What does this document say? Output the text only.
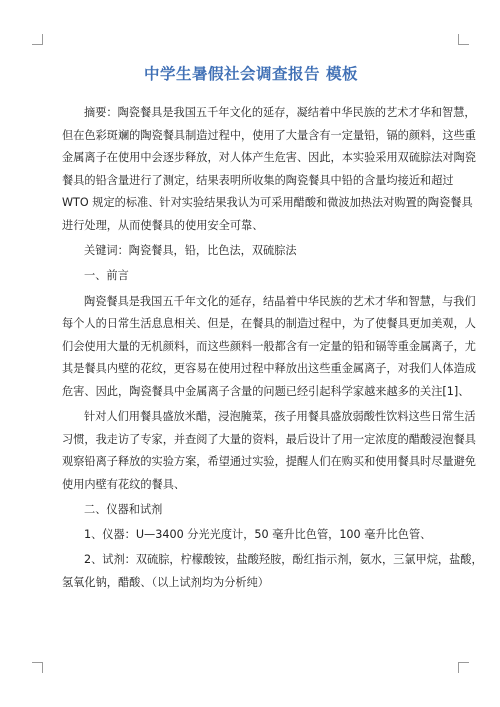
中学生暑假社会调查报告 模板
摘要：陶瓷餐具是我国五千年文化的延存，凝结着中华民族的艺术才华和智慧，
但在色彩斑斓的陶瓷餐具制造过程中，使用了大量含有一定量铅，镉的颜料，这些重
金属离子在使用中会逐步释放，对人体产生危害、因此，本实验采用双硫腙法对陶瓷
餐具的铅含量进行了测定，结果表明所收集的陶瓷餐具中铅的含量均接近和超过
WTO 规定的标准、针对实验结果我认为可采用醋酸和微波加热法对购置的陶瓷餐具
进行处理，从而使餐具的使用安全可靠、
关键词：陶瓷餐具，铅，比色法，双硫腙法
一、前言
陶瓷餐具是我国五千年文化的延存，结晶着中华民族的艺术才华和智慧，与我们
每个人的日常生活息息相关、但是，在餐具的制造过程中，为了使餐具更加美观，人
们会使用大量的无机颜料，而这些颜料一般都含有一定量的铅和镉等重金属离子，尤
其是餐具内壁的花纹，更容易在使用过程中释放出这些重金属离子，对我们人体造成
危害、因此，陶瓷餐具中金属离子含量的问题已经引起科学家越来越多的关注[1]、
针对人们用餐具盛放米醋，浸泡腌菜，孩子用餐具盛放弱酸性饮料这些日常生活
习惯，我走访了专家，并查阅了大量的资料，最后设计了用一定浓度的醋酸浸泡餐具
观察铅离子释放的实验方案，希望通过实验，提醒人们在购买和使用餐具时尽量避免
使用内壁有花纹的餐具、
二、仪器和试剂
1、仪器：U—3400 分光光度计，50 毫升比色管，100 毫升比色管、
2、试剂：双硫腙，柠檬酸铵，盐酸羟胺，酚红指示剂，氨水，三氯甲烷，盐酸，
氢氧化钠，醋酸、（以上试剂均为分析纯）
